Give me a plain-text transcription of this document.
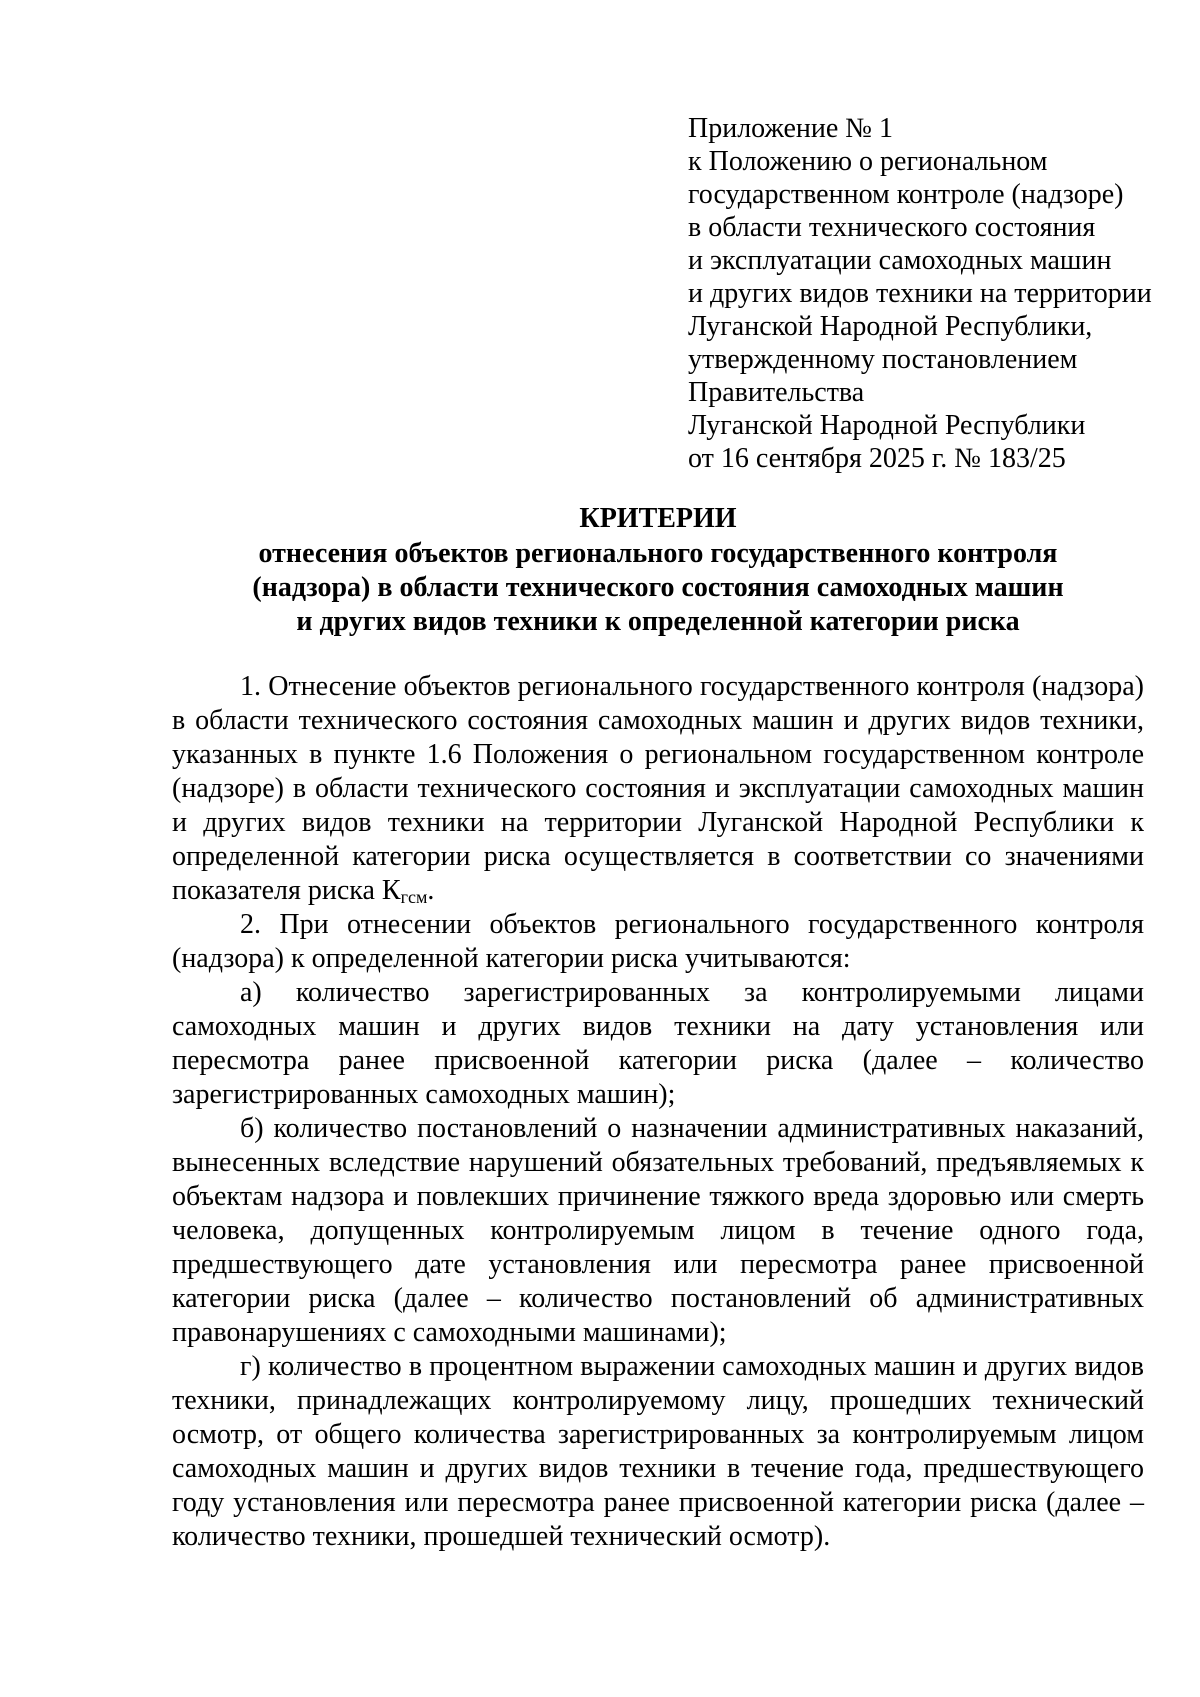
Приложение № 1
к Положению о региональном
государственном контроле (надзоре)
в области технического состояния
и эксплуатации самоходных машин
и других видов техники на территории
Луганской Народной Республики,
утвержденному постановлением
Правительства
Луганской Народной Республики
от 16 сентября 2025 г. № 183/25
КРИТЕРИИ
отнесения объектов регионального государственного контроля
(надзора) в области технического состояния самоходных машин
и других видов техники к определенной категории риска

1. Отнесение объектов регионального государственного контроля (надзора) в области технического состояния самоходных машин и других видов техники, указанных в пункте 1.6 Положения о региональном государственном контроле (надзоре) в области технического состояния и эксплуатации самоходных машин и других видов техники на территории Луганской Народной Республики к определенной категории риска осуществляется в соответствии со значениями показателя риска $К_{гсм}$.

2. При отнесении объектов регионального государственного контроля (надзора) к определенной категории риска учитываются:

а) количество зарегистрированных за контролируемыми лицами самоходных машин и других видов техники на дату установления или пересмотра ранее присвоенной категории риска (далее – количество зарегистрированных самоходных машин);

б) количество постановлений о назначении административных наказаний, вынесенных вследствие нарушений обязательных требований, предъявляемых к объектам надзора и повлекших причинение тяжкого вреда здоровью или смерть человека, допущенных контролируемым лицом в течение одного года, предшествующего дате установления или пересмотра ранее присвоенной категории риска (далее – количество постановлений об административных правонарушениях с самоходными машинами);

г) количество в процентном выражении самоходных машин и других видов техники, принадлежащих контролируемому лицу, прошедших технический осмотр, от общего количества зарегистрированных за контролируемым лицом самоходных машин и других видов техники в течение года, предшествующего году установления или пересмотра ранее присвоенной категории риска (далее – количество техники, прошедшей технический осмотр).
